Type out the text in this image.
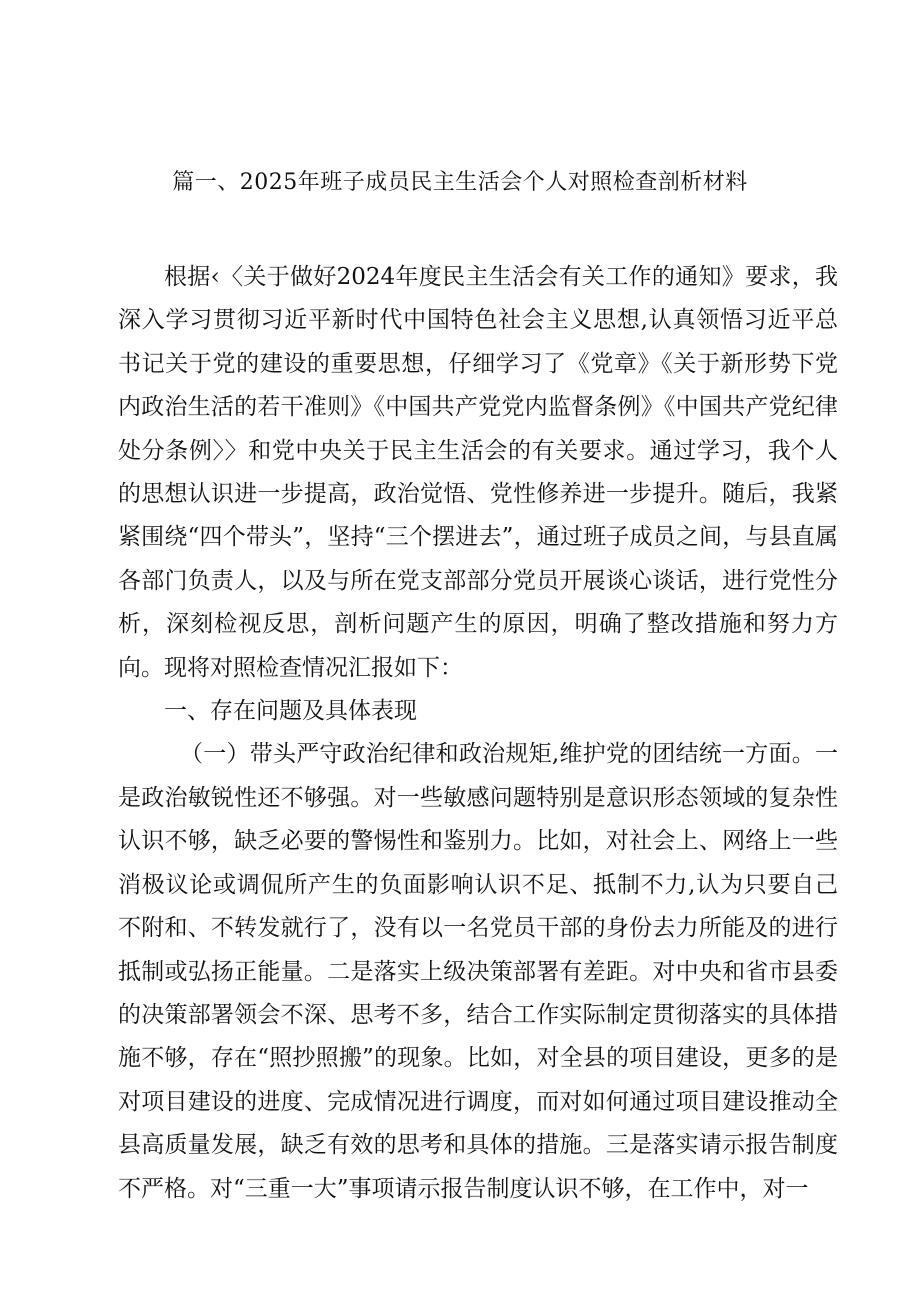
篇一、2025年班子成员民主生活会个人对照检查剖析材料

根据‹〈关于做好2024年度民主生活会有关工作的通知》要求，我深入学习贯彻习近平新时代中国特色社会主义思想,认真领悟习近平总书记关于党的建设的重要思想，仔细学习了《党章》《关于新形势下党内政治生活的若干准则》《中国共产党党内监督条例》《中国共产党纪律处分条例〉〉和党中央关于民主生活会的有关要求。通过学习，我个人的思想认识进一步提高，政治觉悟、党性修养进一步提升。随后，我紧紧围绕“四个带头”，坚持“三个摆进去”，通过班子成员之间，与县直属各部门负责人，以及与所在党支部部分党员开展谈心谈话，进行党性分析，深刻检视反思，剖析问题产生的原因，明确了整改措施和努力方向。现将对照检查情况汇报如下：

一、存在问题及具体表现

（一）带头严守政治纪律和政治规矩,维护党的团结统一方面。一是政治敏锐性还不够强。对一些敏感问题特别是意识形态领域的复杂性认识不够，缺乏必要的警惕性和鉴别力。比如，对社会上、网络上一些消极议论或调侃所产生的负面影响认识不足、抵制不力,认为只要自己不附和、不转发就行了，没有以一名党员干部的身份去力所能及的进行抵制或弘扬正能量。二是落实上级决策部署有差距。对中央和省市县委的决策部署领会不深、思考不多，结合工作实际制定贯彻落实的具体措施不够，存在“照抄照搬”的现象。比如，对全县的项目建设，更多的是对项目建设的进度、完成情况进行调度，而对如何通过项目建设推动全县高质量发展，缺乏有效的思考和具体的措施。三是落实请示报告制度不严格。对“三重一大”事项请示报告制度认识不够，在工作中，对一
